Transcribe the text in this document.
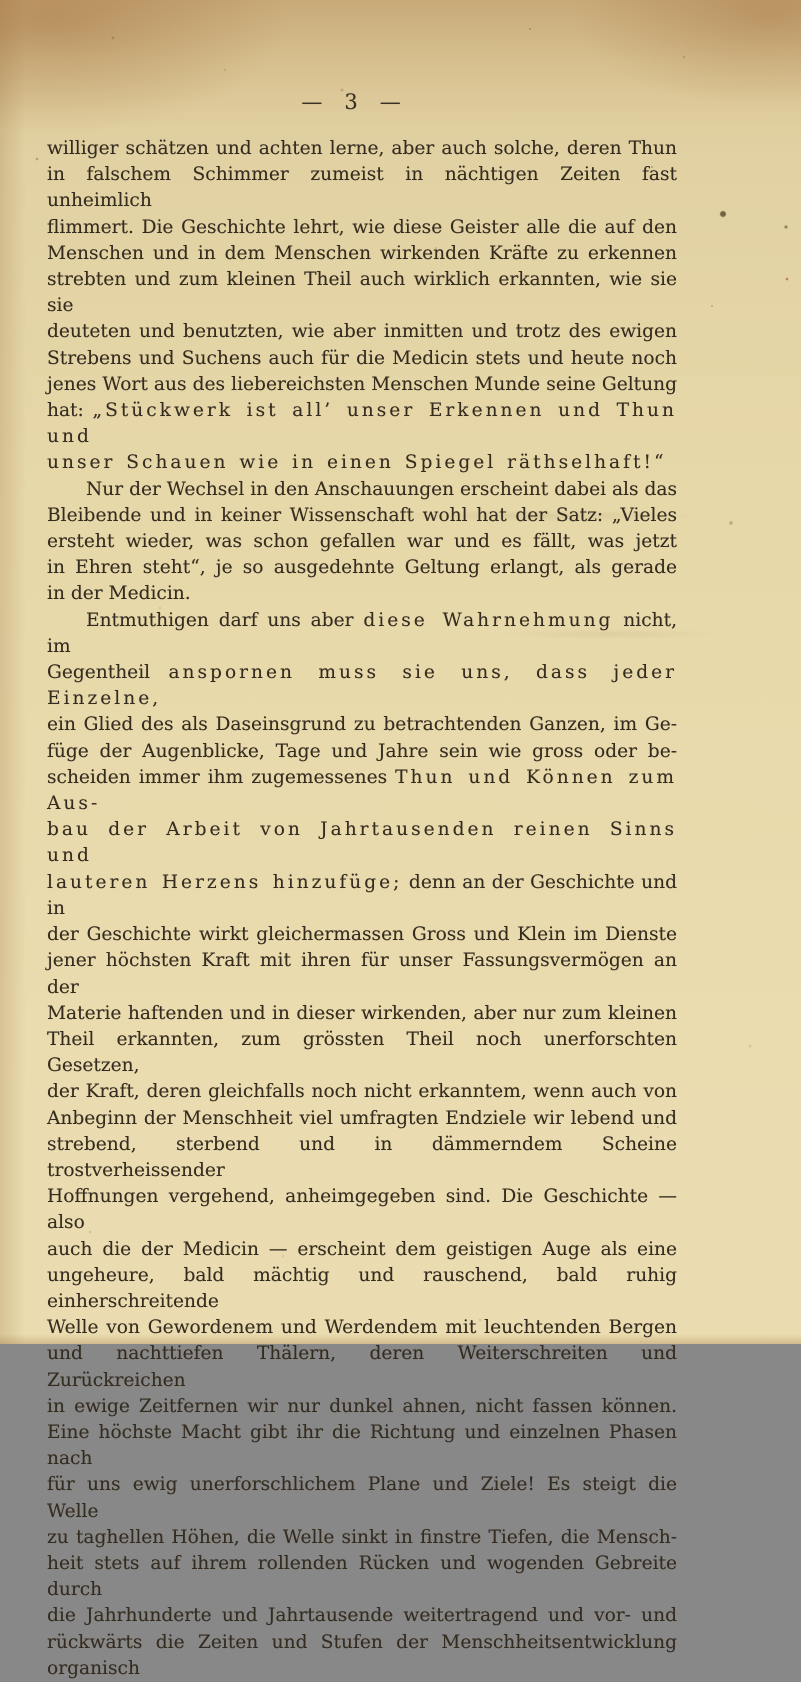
— 3 —
williger schätzen und achten lerne, aber auch solche, deren Thun
in falschem Schimmer zumeist in nächtigen Zeiten fast unheimlich
flimmert. Die Geschichte lehrt, wie diese Geister alle die auf den
Menschen und in dem Menschen wirkenden Kräfte zu erkennen
strebten und zum kleinen Theil auch wirklich erkannten, wie sie sie
deuteten und benutzten, wie aber inmitten und trotz des ewigen
Strebens und Suchens auch für die Medicin stets und heute noch
jenes Wort aus des liebereichsten Menschen Munde seine Geltung
hat: „Stückwerk ist all’ unser Erkennen und Thun und
unser Schauen wie in einen Spiegel räthselhaft!“
Nur der Wechsel in den Anschauungen erscheint dabei als das
Bleibende und in keiner Wissenschaft wohl hat der Satz: „Vieles
ersteht wieder, was schon gefallen war und es fällt, was jetzt
in Ehren steht“, je so ausgedehnte Geltung erlangt, als gerade
in der Medicin.
Entmuthigen darf uns aber diese Wahrnehmung nicht, im
Gegentheil anspornen muss sie uns, dass jeder Einzelne,
ein Glied des als Daseinsgrund zu betrachtenden Ganzen, im Ge-
füge der Augenblicke, Tage und Jahre sein wie gross oder be-
scheiden immer ihm zugemessenes Thun und Können zum Aus-
bau der Arbeit von Jahrtausenden reinen Sinns und
lauteren Herzens hinzufüge; denn an der Geschichte und in
der Geschichte wirkt gleichermassen Gross und Klein im Dienste
jener höchsten Kraft mit ihren für unser Fassungsvermögen an der
Materie haftenden und in dieser wirkenden, aber nur zum kleinen
Theil erkannten, zum grössten Theil noch unerforschten Gesetzen,
der Kraft, deren gleichfalls noch nicht erkanntem, wenn auch von
Anbeginn der Menschheit viel umfragten Endziele wir lebend und
strebend, sterbend und in dämmerndem Scheine trostverheissender
Hoffnungen vergehend, anheimgegeben sind. Die Geschichte — also
auch die der Medicin — erscheint dem geistigen Auge als eine
ungeheure, bald mächtig und rauschend, bald ruhig einherschreitende
Welle von Gewordenem und Werdendem mit leuchtenden Bergen
und nachttiefen Thälern, deren Weiterschreiten und Zurückreichen
in ewige Zeitfernen wir nur dunkel ahnen, nicht fassen können.
Eine höchste Macht gibt ihr die Richtung und einzelnen Phasen nach
für uns ewig unerforschlichem Plane und Ziele! Es steigt die Welle
zu taghellen Höhen, die Welle sinkt in finstre Tiefen, die Mensch-
heit stets auf ihrem rollenden Rücken und wogenden Gebreite durch
die Jahrhunderte und Jahrtausende weitertragend und vor- und
rückwärts die Zeiten und Stufen der Menschheitsentwicklung organisch
